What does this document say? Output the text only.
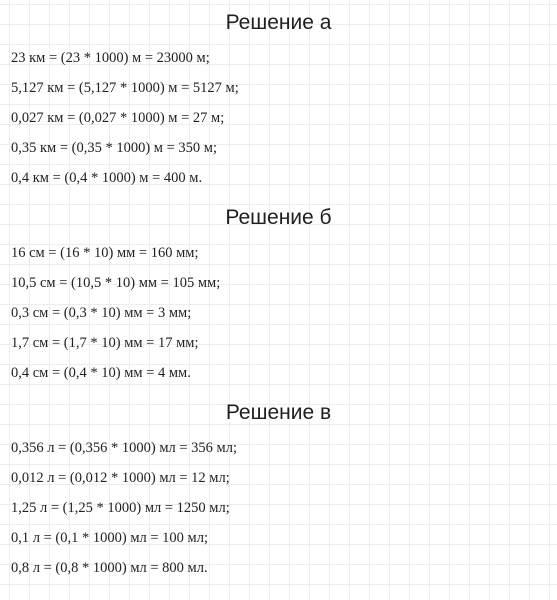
Решение а
23 км = (23 * 1000) м = 23000 м;
5,127 км = (5,127 * 1000) м = 5127 м;
0,027 км = (0,027 * 1000) м = 27 м;
0,35 км = (0,35 * 1000) м = 350 м;
0,4 км = (0,4 * 1000) м = 400 м.
Решение б
16 см = (16 * 10) мм = 160 мм;
10,5 см = (10,5 * 10) мм = 105 мм;
0,3 см = (0,3 * 10) мм = 3 мм;
1,7 см = (1,7 * 10) мм = 17 мм;
0,4 см = (0,4 * 10) мм = 4 мм.
Решение в
0,356 л = (0,356 * 1000) мл = 356 мл;
0,012 л = (0,012 * 1000) мл = 12 мл;
1,25 л = (1,25 * 1000) мл = 1250 мл;
0,1 л = (0,1 * 1000) мл = 100 мл;
0,8 л = (0,8 * 1000) мл = 800 мл.
